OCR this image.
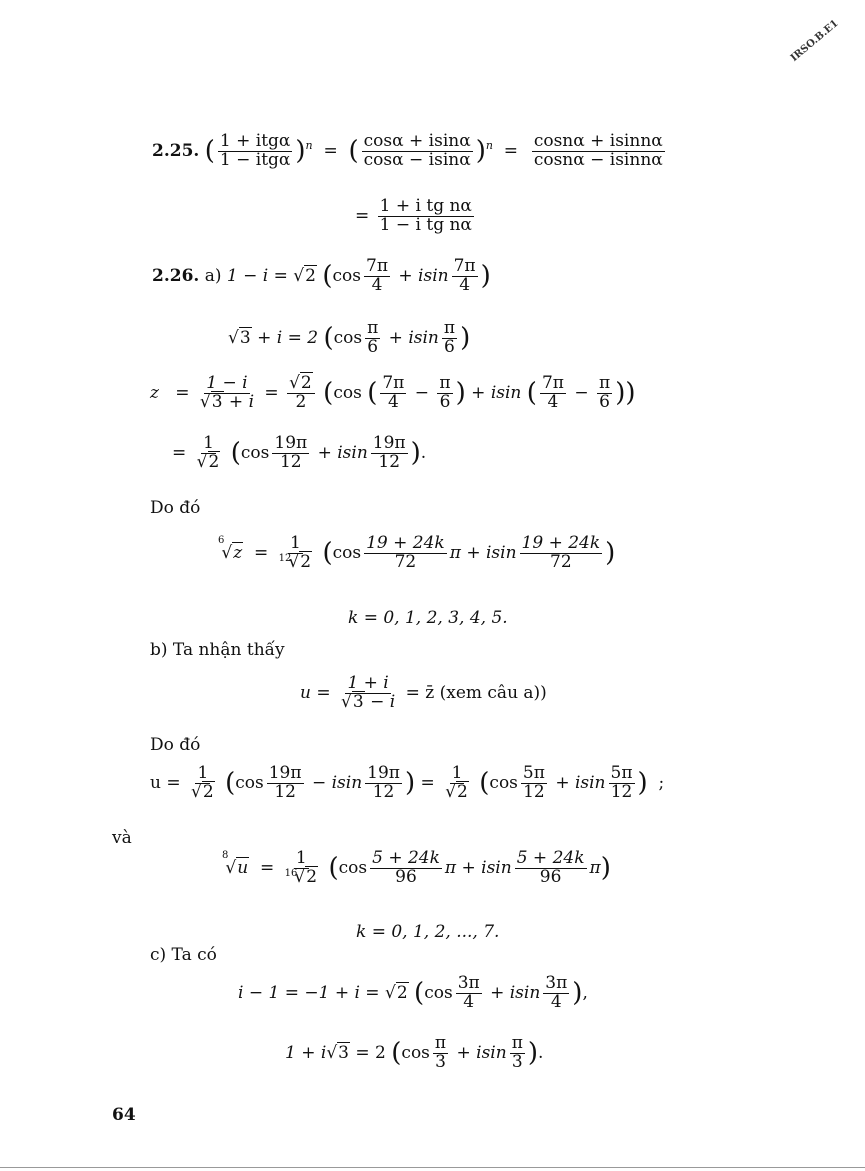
IRSO.B.E1
2.25. ( $\frac{\text{1 + itgα}}{\text{1 − itgα}} )^n$  =  ( $\frac{\cos\alpha + isin\alpha}{\cos\alpha - isin\alpha} )^n = \frac{\cos n\alpha + isinn\alpha}{\cos n\alpha - isinn\alpha}$
= $\frac{\text{1 + i tg nα}}{\text{1 − i tg nα}}$
2.26. a) 1 − i = √2 ($\cos \frac{7\pi}{4} + isin \frac{7\pi}{4}$ )
√3 + i = 2 ($\cos \frac{\pi}{6} + isin \frac{\pi}{6}$ )
$z = \frac{1 - i}{√3 + i} = \frac{√2}{2} (\cos$ ( $\frac{7\pi}{4} - \frac{\pi}{6}$ ) + isin ( $\frac{7\pi}{4} - \frac{\pi}{6}$ ))
= $\frac{1}{√2} (\cos \frac{19\pi}{12} + isin \frac{19\pi}{12}$ ).
Do đó
$^6√z = \frac{1}{^{12}√2} (\cos \frac{19 + 24k}{72}$ π + isin $\frac{19 + 24k}{72}$ )
k = 0, 1, 2, 3, 4, 5.
b) Ta nhận thấy
$u = \frac{1 + i}{√3 - i}$ = z̄ (xem câu a))
Do đó
$u = \frac{1}{√2} (\cos \frac{19\pi}{12} - isin \frac{19\pi}{12}$ ) = $\frac{1}{√2} (\cos \frac{5\pi}{12} + isin \frac{5\pi}{12}$ ) ;
và
$^8√u = \frac{1}{^{16}√2} (\cos \frac{5 + 24k}{96}$ π + isin $\frac{5 + 24k}{96} \pi$)
k = 0, 1, 2, ..., 7.
c) Ta có
i − 1 = −1 + i = √2 ($\cos \frac{3\pi}{4} + isin \frac{3\pi}{4}$ ),
1 + i√3 = 2 ($\cos \frac{\pi}{3} + isin \frac{\pi}{3}$ ).
64
